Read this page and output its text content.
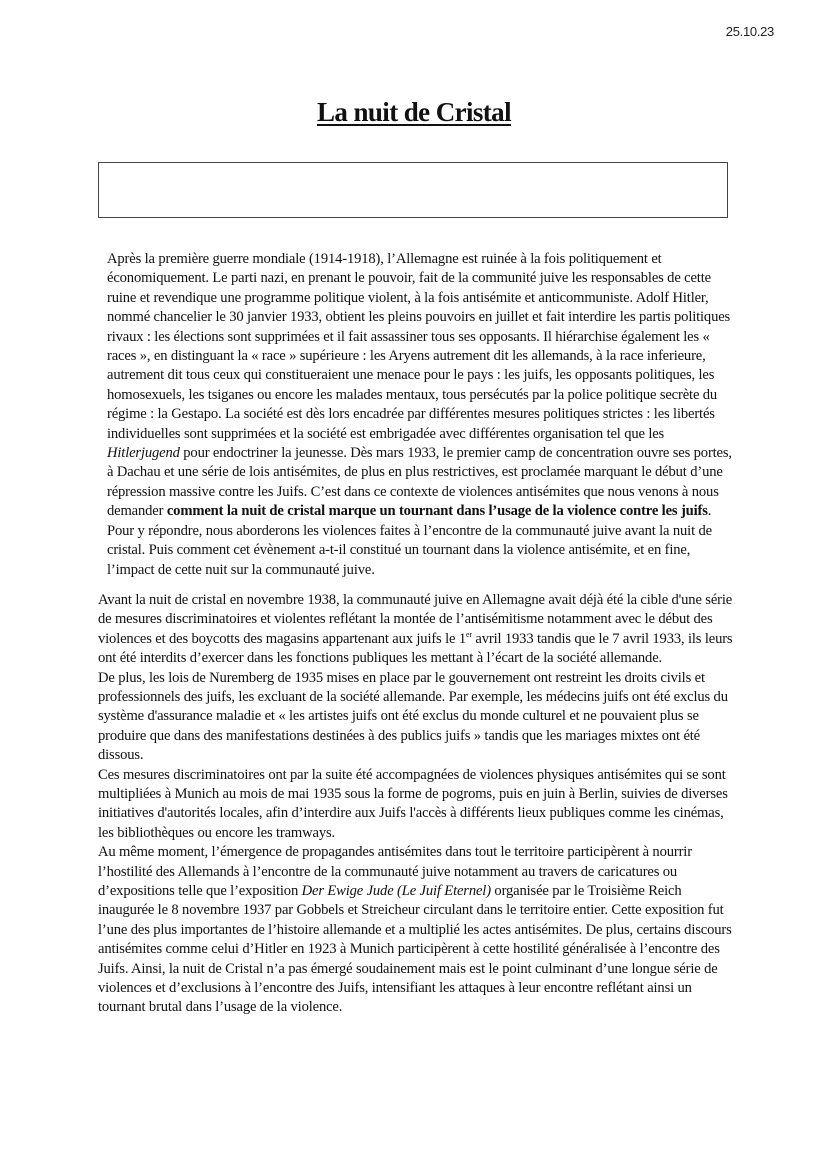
25.10.23
La nuit de Cristal

Après la première guerre mondiale (1914-1918), l’Allemagne est ruinée à la fois politiquement et économiquement. Le parti nazi, en prenant le pouvoir, fait de la communité juive les responsables de cette ruine et revendique une programme politique violent, à la fois antisémite et anticommuniste. Adolf Hitler, nommé chancelier le 30 janvier 1933, obtient les pleins pouvoirs en juillet et fait interdire les partis politiques rivaux : les élections sont supprimées et il fait assassiner tous ses opposants. Il hiérarchise également les « races », en distinguant la « race » supérieure : les Aryens autrement dit les allemands, à la race inferieure, autrement dit tous ceux qui constitueraient une menace pour le pays : les juifs, les opposants politiques, les homosexuels, les tsiganes ou encore les malades mentaux, tous persécutés par la police politique secrète du régime : la Gestapo. La société est dès lors encadrée par différentes mesures politiques strictes : les libertés individuelles sont supprimées et la société est embrigadée avec différentes organisation tel que les Hitlerjugend pour endoctriner la jeunesse. Dès mars 1933, le premier camp de concentration ouvre ses portes, à Dachau et une série de lois antisémites, de plus en plus restrictives, est proclamée marquant le début d’une répression massive contre les Juifs. C’est dans ce contexte de violences antisémites que nous venons à nous demander comment la nuit de cristal marque un tournant dans l’usage de la violence contre les juifs. Pour y répondre, nous aborderons les violences faites à l’encontre de la communauté juive avant la nuit de cristal. Puis comment cet évènement a-t-il constitué un tournant dans la violence antisémite, et en fine, l’impact de cette nuit sur la communauté juive.

Avant la nuit de cristal en novembre 1938, la communauté juive en Allemagne avait déjà été la cible d'une série de mesures discriminatoires et violentes reflétant la montée de l’antisémitisme notamment avec le début des violences et des boycotts des magasins appartenant aux juifs le 1er avril 1933 tandis que le 7 avril 1933, ils leurs ont été interdits d’exercer dans les fonctions publiques les mettant à l’écart de la société allemande.

De plus, les lois de Nuremberg de 1935 mises en place par le gouvernement ont restreint les droits civils et professionnels des juifs, les excluant de la société allemande. Par exemple, les médecins juifs ont été exclus du système d'assurance maladie et « les artistes juifs ont été exclus du monde culturel et ne pouvaient plus se produire que dans des manifestations destinées à des publics juifs » tandis que les mariages mixtes ont été dissous.

Ces mesures discriminatoires ont par la suite été accompagnées de violences physiques antisémites qui se sont multipliées à Munich au mois de mai 1935 sous la forme de pogroms, puis en juin à Berlin, suivies de diverses initiatives d'autorités locales, afin d’interdire aux Juifs l'accès à différents lieux publiques comme les cinémas, les bibliothèques ou encore les tramways.

Au même moment, l’émergence de propagandes antisémites dans tout le territoire participèrent à nourrir l’hostilité des Allemands à l’encontre de la communauté juive notamment au travers de caricatures ou d’expositions telle que l’exposition Der Ewige Jude (Le Juif Eternel) organisée par le Troisième Reich inaugurée le 8 novembre 1937 par Gobbels et Streicheur circulant dans le territoire entier. Cette exposition fut l’une des plus importantes de l’histoire allemande et a multiplié les actes antisémites. De plus, certains discours antisémites comme celui d’Hitler en 1923 à Munich participèrent à cette hostilité généralisée à l’encontre des Juifs. Ainsi, la nuit de Cristal n’a pas émergé soudainement mais est le point culminant d’une longue série de violences et d’exclusions à l’encontre des Juifs, intensifiant les attaques à leur encontre reflétant ainsi un tournant brutal dans l’usage de la violence.
